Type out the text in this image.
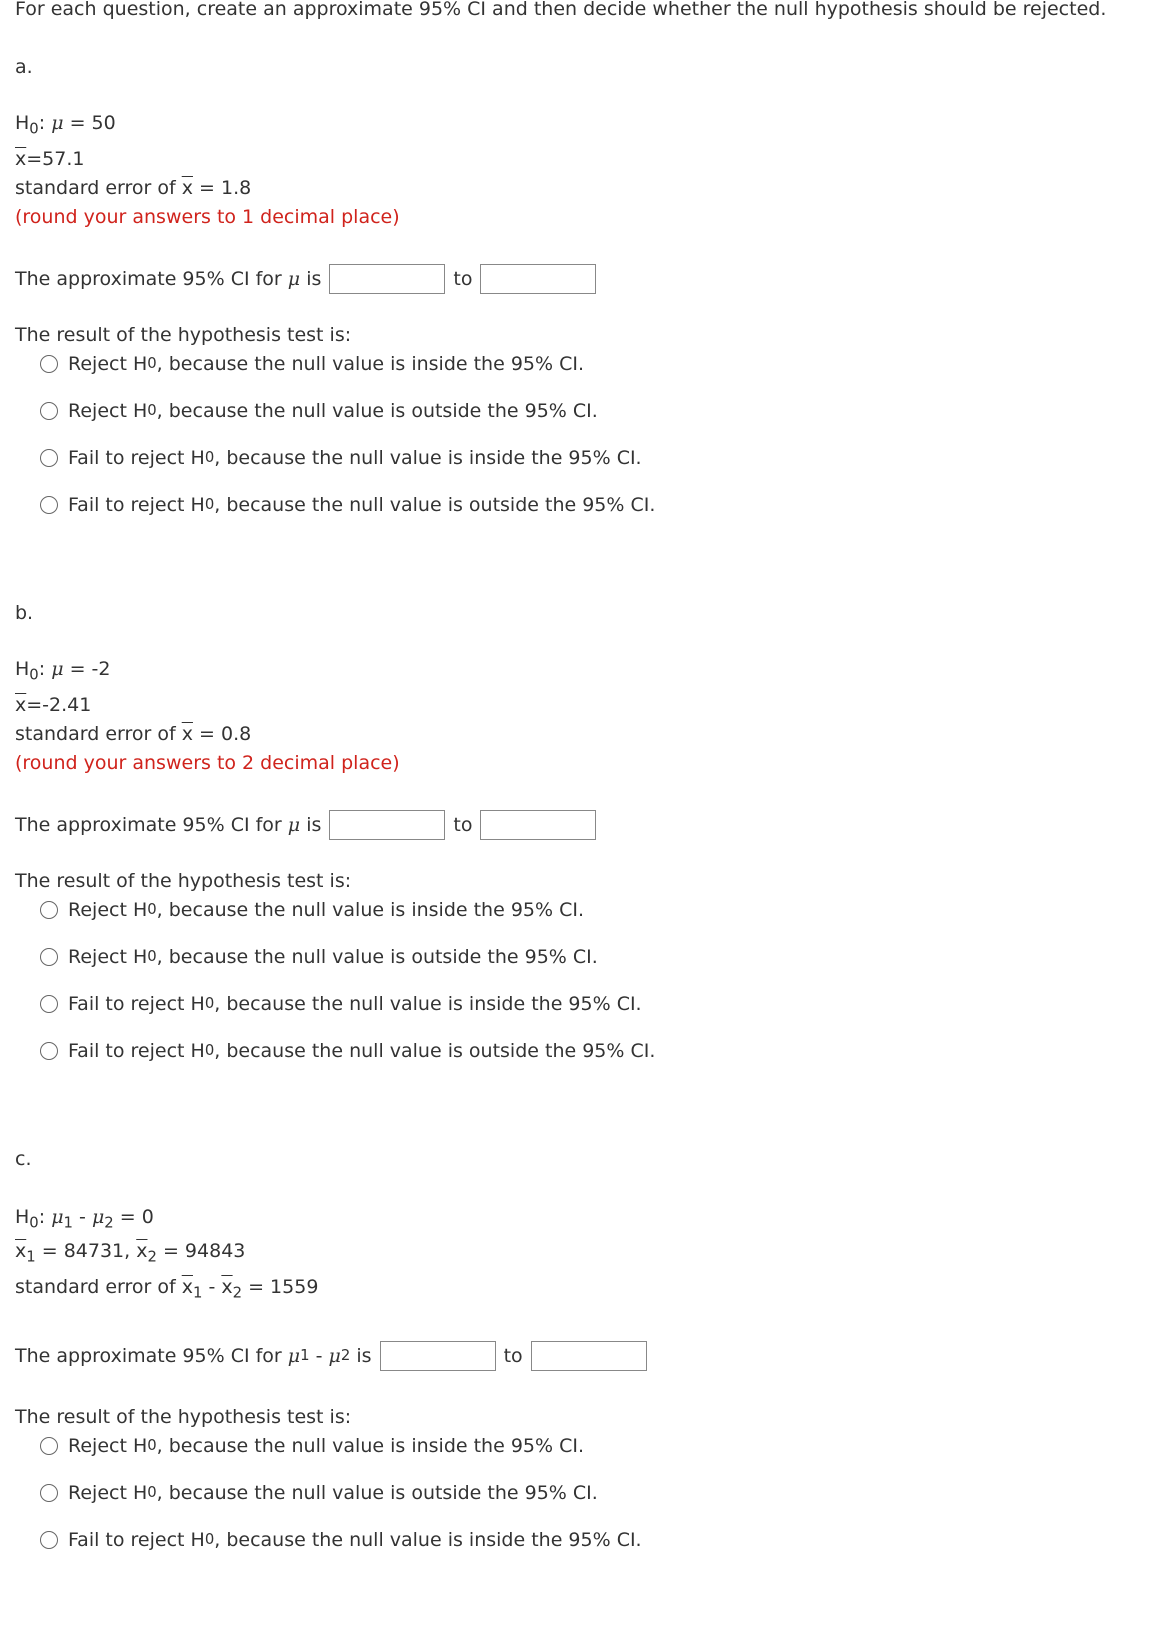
For each question, create an approximate 95% CI and then decide whether the null hypothesis should be rejected.
a.
$H_0$: μ = 50
$\overline{x}=57.1$
standard error of $\overline{x} = 1.8$
(round your answers to 1 decimal place)
The approximate 95% CI for
μ
is	to
The result of the hypothesis test is:
Reject H 0 , because the null value is inside the 95% CI.
Reject H 0 , because the null value is outside the 95% CI.
Fail to reject H 0 , because the null value is inside the 95% CI.
Fail to reject H 0 , because the null value is outside the 95% CI.
b.
$H_0$: μ = -2
$\overline{x}=-2.41$
standard error of $\overline{x} = 0.8$
(round your answers to 2 decimal place)
The approximate 95% CI for
μ
is	to
The result of the hypothesis test is:
Reject H 0 , because the null value is inside the 95% CI.
Reject H 0 , because the null value is outside the 95% CI.
Fail to reject H 0 , because the null value is inside the 95% CI.
Fail to reject H 0 , because the null value is outside the 95% CI.
c.
$H_0$: $\mu_1 - \mu_2 = 0$
$\overline{x}_1 = 84731$, $\overline{x}_2 = 94843$
standard error of $\overline{x}_1 - \overline{x}_2 = 1559$
The approximate 95% CI for
μ 1
-
μ 2
is	to
The result of the hypothesis test is:
Reject H 0 , because the null value is inside the 95% CI.
Reject H 0 , because the null value is outside the 95% CI.
Fail to reject H 0 , because the null value is inside the 95% CI.
